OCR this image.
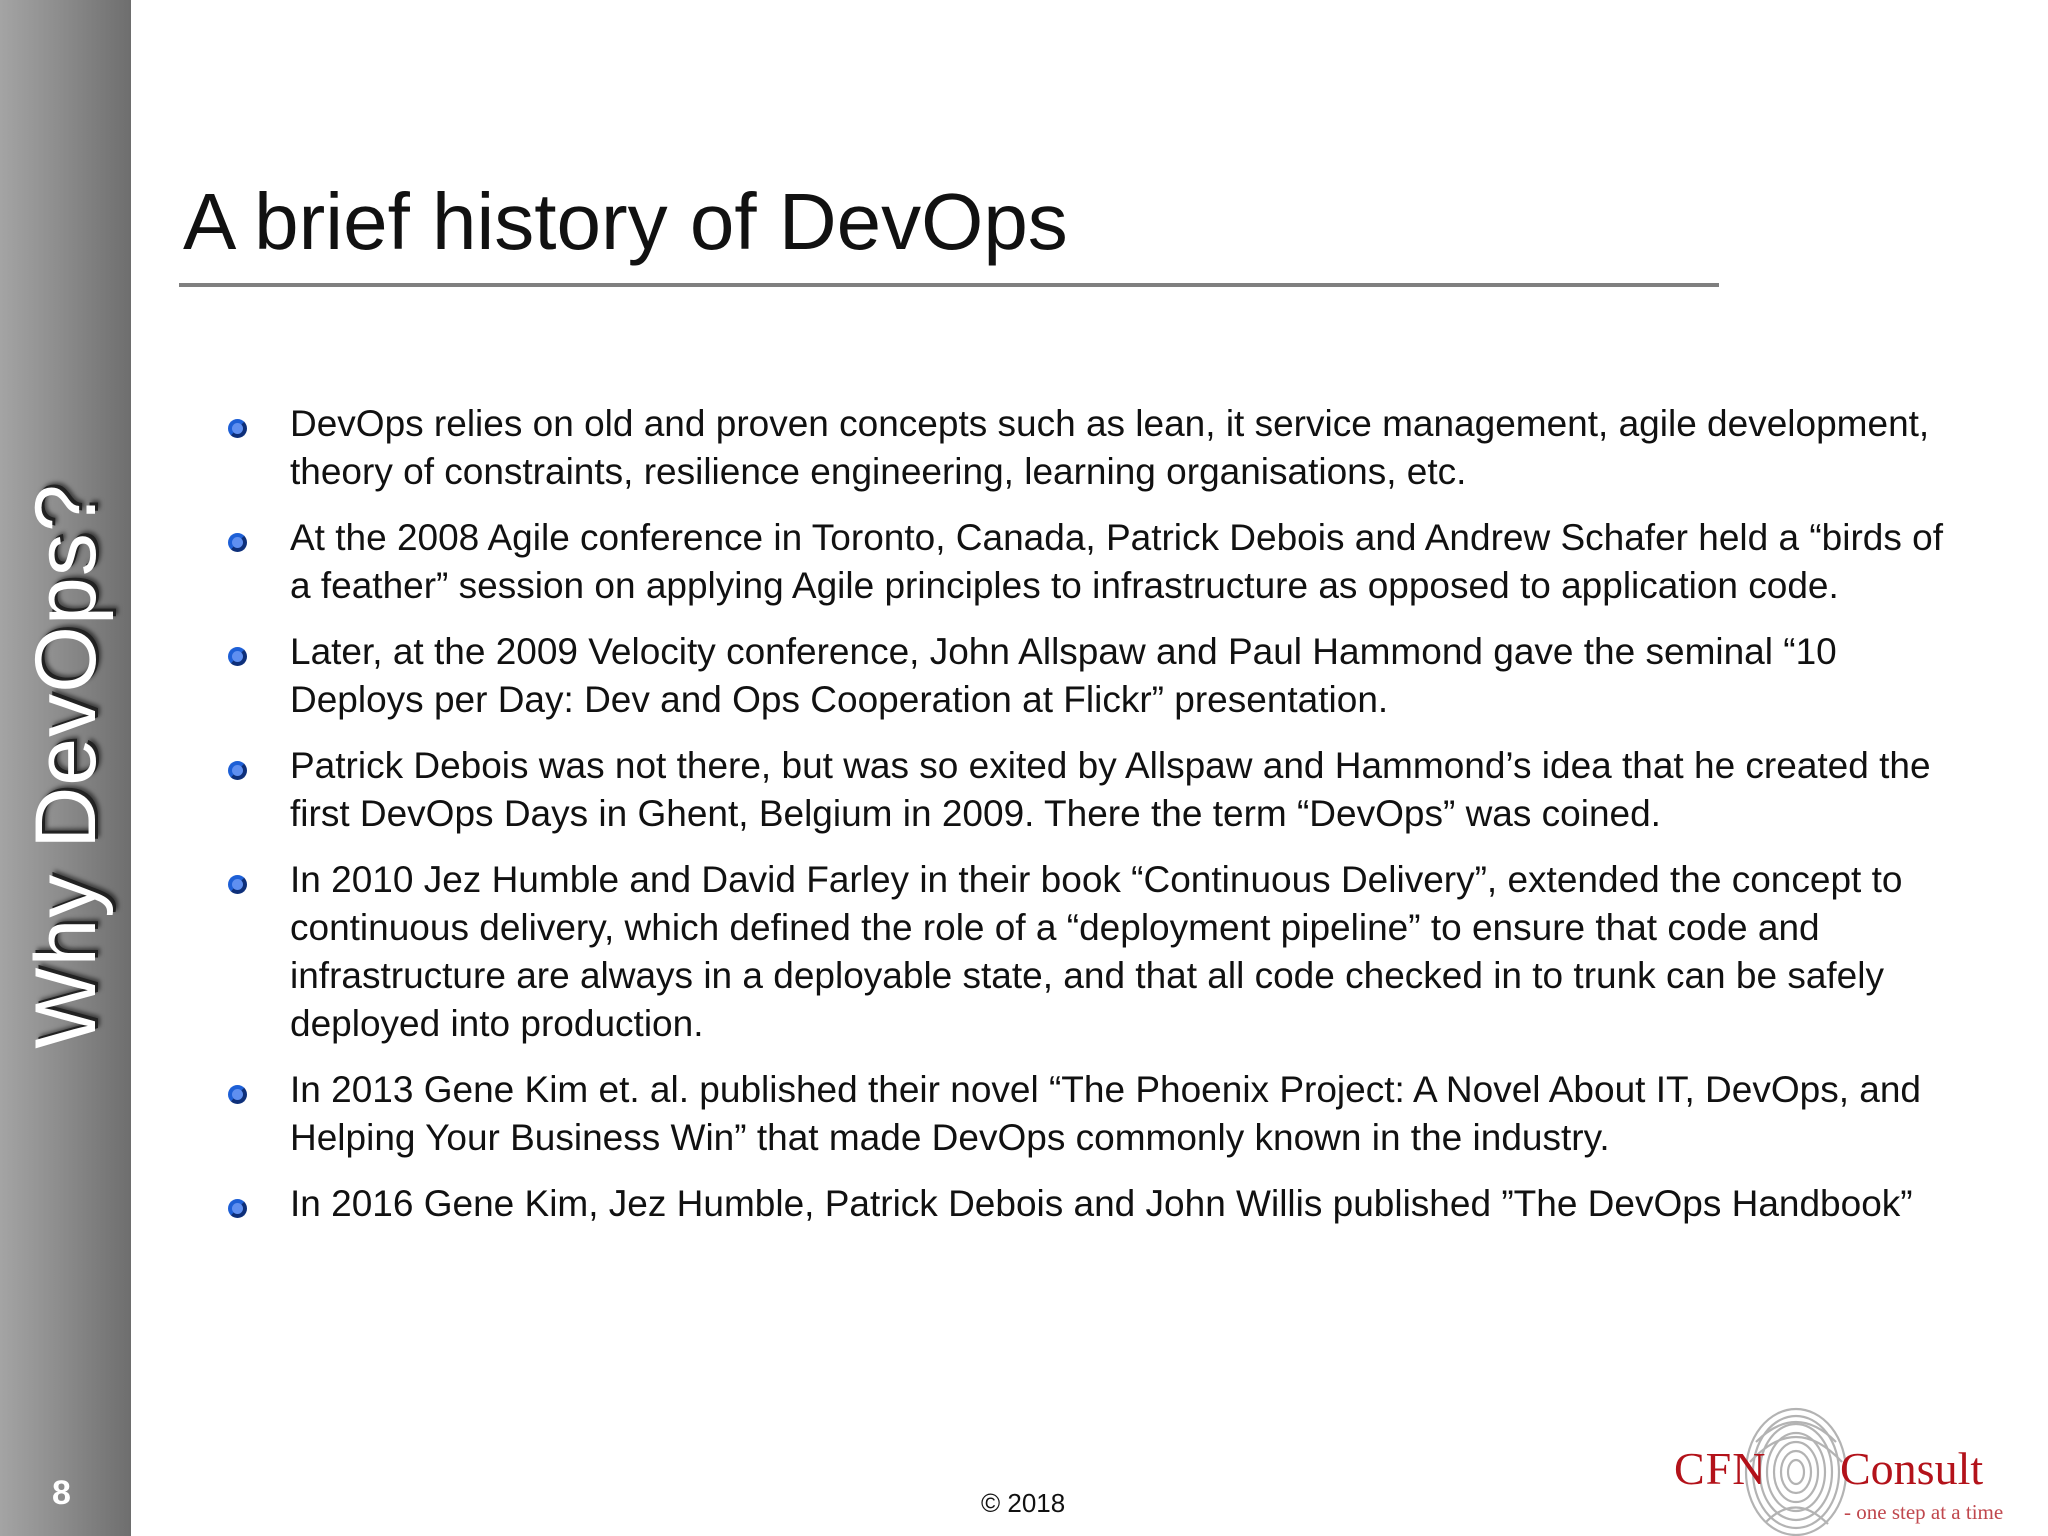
Why DevOps?
8
A brief history of DevOps
DevOps relies on old and proven concepts such as lean, it service management, agile development, theory of constraints, resilience engineering, learning organisations, etc.
At the 2008 Agile conference in Toronto, Canada, Patrick Debois and Andrew Schafer held a “birds of a feather” session on applying Agile principles to infrastructure as opposed to application code.
Later, at the 2009 Velocity conference, John Allspaw and Paul Hammond gave the seminal “10 Deploys per Day: Dev and Ops Cooperation at Flickr” presentation.
Patrick Debois was not there, but was so exited by Allspaw and Hammond’s idea that he created the first DevOps Days in Ghent, Belgium in 2009. There the term “DevOps” was coined.
In 2010 Jez Humble and David Farley in their book “Continuous Delivery”, extended the concept to continuous delivery, which defined the role of a “deployment pipeline” to ensure that code and infrastructure are always in a deployable state, and that all code checked in to trunk can be safely deployed into production.
In 2013 Gene Kim et. al. published their novel “The Phoenix Project: A Novel About IT, DevOps, and Helping Your Business Win” that made DevOps commonly known in the industry.
In 2016 Gene Kim, Jez Humble, Patrick Debois and John Willis published ”The DevOps Handbook”
© 2018
CFN Consult
- one step at a time
